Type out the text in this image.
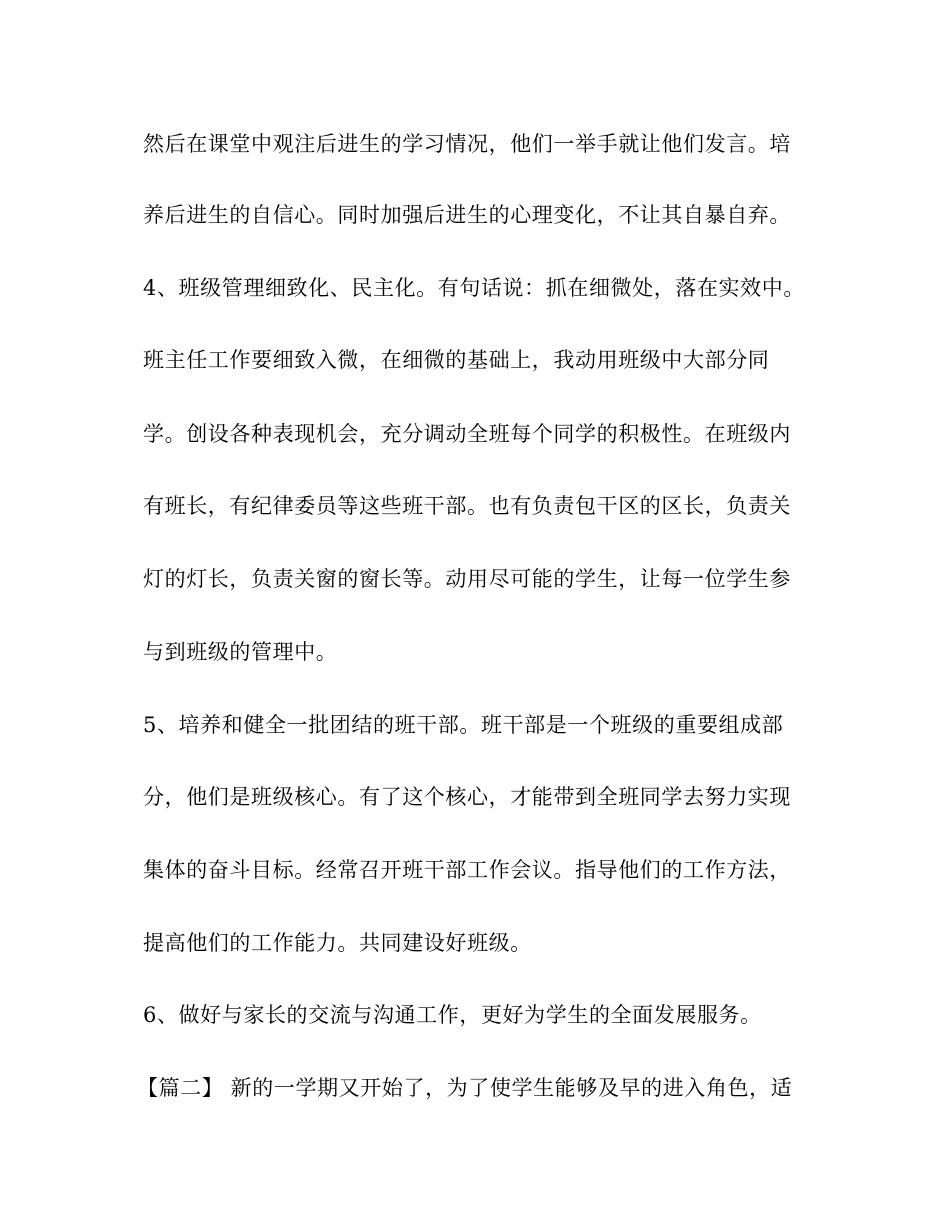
然后在课堂中观注后进生的学习情况，他们一举手就让他们发言。培
养后进生的自信心。同时加强后进生的心理变化，不让其自暴自弃。
4、班级管理细致化、民主化。有句话说：抓在细微处，落在实效中。
班主任工作要细致入微，在细微的基础上，我动用班级中大部分同
学。创设各种表现机会，充分调动全班每个同学的积极性。在班级内
有班长，有纪律委员等这些班干部。也有负责包干区的区长，负责关
灯的灯长，负责关窗的窗长等。动用尽可能的学生，让每一位学生参
与到班级的管理中。
5、培养和健全一批团结的班干部。班干部是一个班级的重要组成部
分，他们是班级核心。有了这个核心，才能带到全班同学去努力实现
集体的奋斗目标。经常召开班干部工作会议。指导他们的工作方法，
提高他们的工作能力。共同建设好班级。
6、做好与家长的交流与沟通工作，更好为学生的全面发展服务。
【篇二】 新的一学期又开始了，为了使学生能够及早的进入角色，适
